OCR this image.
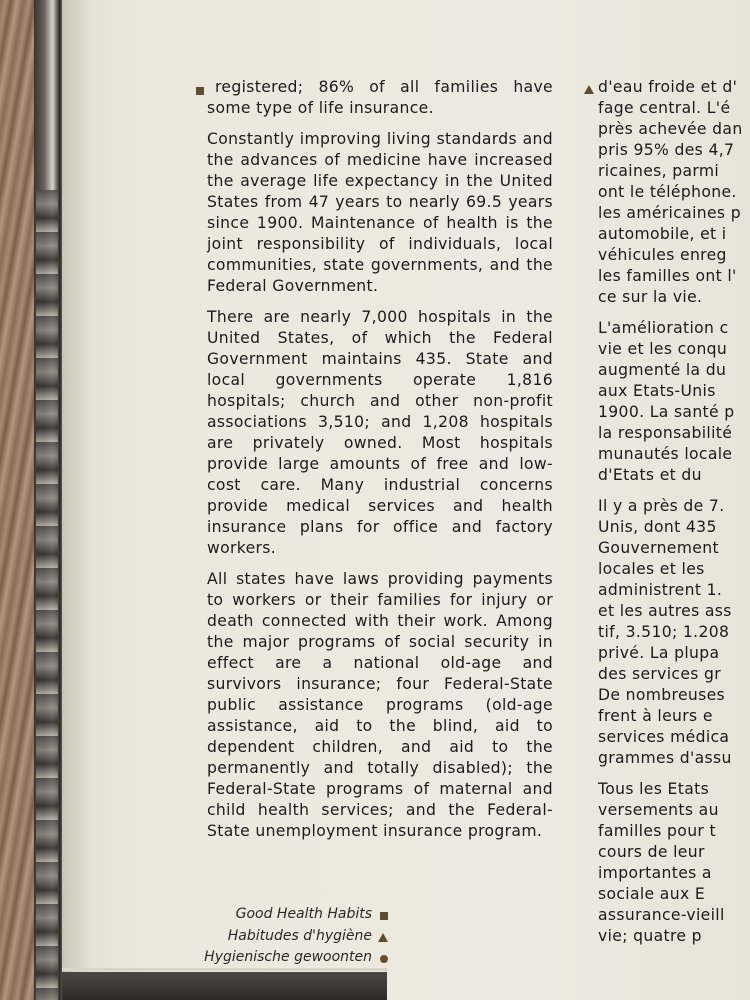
registered; 86% of all families have some type of life insurance.

Constantly improving living standards and the advances of medicine have increased the average life expectancy in the United States from 47 years to nearly 69.5 years since 1900. Maintenance of health is the joint responsibility of individuals, local communities, state governments, and the Federal Government.

There are nearly 7,000 hospitals in the United States, of which the Federal Government maintains 435. State and local governments operate 1,816 hospitals; church and other non-profit associations 3,510; and 1,208 hospitals are privately owned. Most hospitals provide large amounts of free and low-cost care. Many industrial concerns provide medical services and health insurance plans for office and factory workers.

All states have laws providing payments to workers or their families for injury or death connected with their work. Among the major programs of social security in effect are a national old-age and survivors insurance; four Federal-State public assistance programs (old-age assistance, aid to the blind, aid to dependent children, and aid to the permanently and totally disabled); the Federal-State programs of maternal and child health services; and the Federal-State unemployment insurance program.

d'eau froide et d'
fage central. L'é
près achevée dan
pris 95% des 4,7
ricaines, parmi
ont le téléphone.
les américaines p
automobile, et i
véhicules enreg
les familles ont l'
ce sur la vie.
L'amélioration c
vie et les conqu
augmenté la du
aux Etats-Unis
1900. La santé p
la responsabilité
munautés locale
d'Etats et du
Il y a près de 7.
Unis, dont 435
Gouvernement
locales et les
administrent 1.
et les autres ass
tif, 3.510; 1.208
privé. La plupa
des services gr
De nombreuses
frent à leurs e
services médica
grammes d'assu
Tous les Etats
versements au
familles pour t
cours de leur
importantes a
sociale aux E
assurance-vieill
vie; quatre p
Good Health Habits
Habitudes d'hygiène
Hygienische gewoonten
